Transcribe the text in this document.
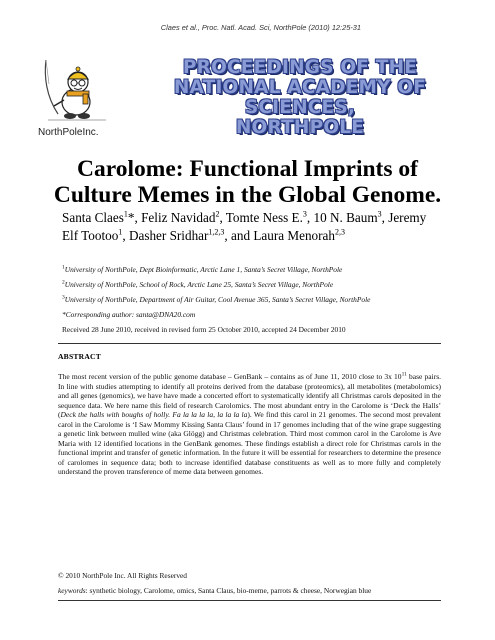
Claes et al., Proc. Natl. Acad. Sci, NorthPole (2010) 12:25-31
NorthPoleInc.
PROCEEDINGS OF THE
NATIONAL ACADEMY OF SCIENCES,
NORTHPOLE
Carolome: Functional Imprints of
Culture Memes in the Global Genome.
Santa Claes$^1$*, Feliz Navidad$^2$, Tomte Ness E.$^3$, 10 N. Baum$^3$, Jeremy Elf Tootoo$^1$, Dasher Sridhar$^{1,2,3}$, and Laura Menorah$^{2,3}$
$^1$University of NorthPole, Dept Bioinformatic, Arctic Lane 1, Santa’s Secret Village, NorthPole
$^2$University of NorthPole, School of Rock, Arctic Lane 25, Santa’s Secret Village, NorthPole
$^3$University of NorthPole, Department of Air Guitar, Cool Avenue 365, Santa’s Secret Village, NorthPole
*Corresponding author: santa@DNA20.com
Received 28 June 2010, received in revised form 25 October 2010, accepted 24 December 2010
ABSTRACT
The most recent version of the public genome database – GenBank – contains as of June 11, 2010 close to 3x $10^{11}$ base pairs. In line with studies attempting to identify all proteins derived from the database (proteomics), all metabolites (metabolomics) and all genes (genomics), we have have made a concerted effort to systematically identify all Christmas carols deposited in the sequence data. We here name this field of research Carolomics. The most abundant entry in the Carolome is ‘Deck the Halls’ (Deck the halls with boughs of holly. Fa la la la la, la la la la). We find this carol in 21 genomes. The second most prevalent carol in the Carolome is ‘I Saw Mommy Kissing Santa Claus’ found in 17 genomes including that of the wine grape suggesting a genetic link between mulled wine (aka Glögg) and Christmas celebration. Third most common carol in the Carolome is Ave Maria with 12 identified locations in the GenBank genomes. These findings establish a direct role for Christmas carols in the functional imprint and transfer of genetic information. In the future it will be essential for researchers to determine the presence of carolomes in sequence data; both to increase identified database constituents as well as to more fully and completely understand the proven transference of meme data between genomes.
© 2010 NorthPole Inc. All Rights Reserved
keywords: synthetic biology, Carolome, omics, Santa Claus, bio-meme, parrots & cheese, Norwegian blue
